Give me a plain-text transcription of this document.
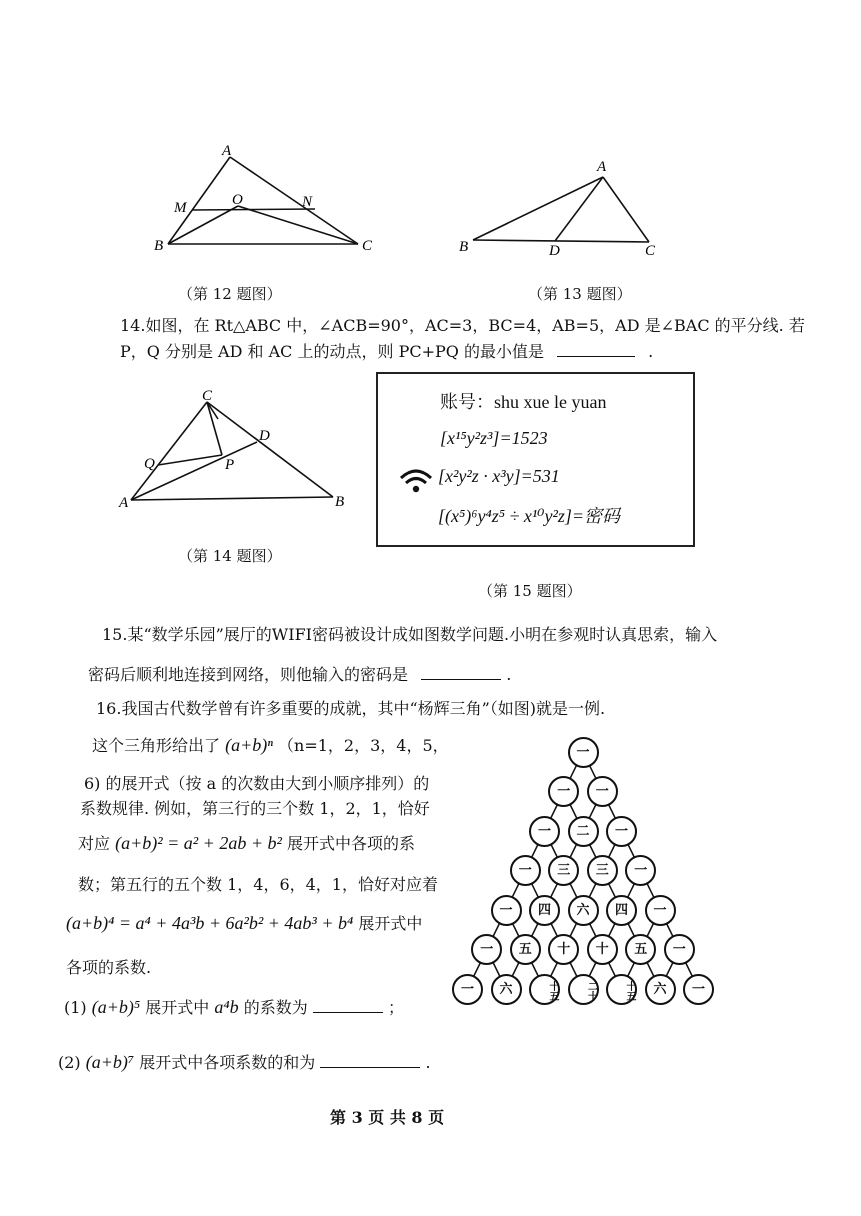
A
M	O	N
B	C
（第 12 题图）
A
B	D	C
（第 13 题图）
14.如图，在 Rt△ABC 中，∠ACB=90°，AC=3，BC=4，AB=5，AD 是∠BAC 的平分线. 若
P，Q 分别是 AD 和 AC 上的动点，则 PC+PQ 的最小值是	.
C
D
Q	P
A	B
（第 14 题图）
账号：shu xue le yuan
[x¹⁵y²z³]=1523
[x²y²z · x³y]=531
[(x⁵)⁶y⁴z⁵ ÷ x¹⁰y²z]=密码
（第 15 题图）
15.某“数学乐园”展厅的WIFI密码被设计成如图数学问题.小明在参观时认真思索，输入
密码后顺利地连接到网络，则他输入的密码是	.
16.我国古代数学曾有许多重要的成就，其中“杨辉三角”（如图)就是一例.
这个三角形给出了 (a+b)ⁿ （n=1，2，3，4，5，
6) 的展开式（按 a 的次数由大到小顺序排列）的
系数规律. 例如，第三行的三个数 1，2，1，恰好
对应 (a+b)² = a² + 2ab + b² 展开式中各项的系
数；第五行的五个数 1，4，6，4，1，恰好对应着
(a+b)⁴ = a⁴ + 4a³b + 6a²b² + 4ab³ + b⁴ 展开式中
各项的系数.
(1) (a+b)⁵ 展开式中 a⁴b 的系数为	；
(2) (a+b)⁷ 展开式中各项系数的和为	.
一
一	一
一	二	一
一	三	三	一
一	四	六	四	一
一	五	十	十	五	一
一	六	十五	二十	十五	六	一
第 3 页 共 8 页
